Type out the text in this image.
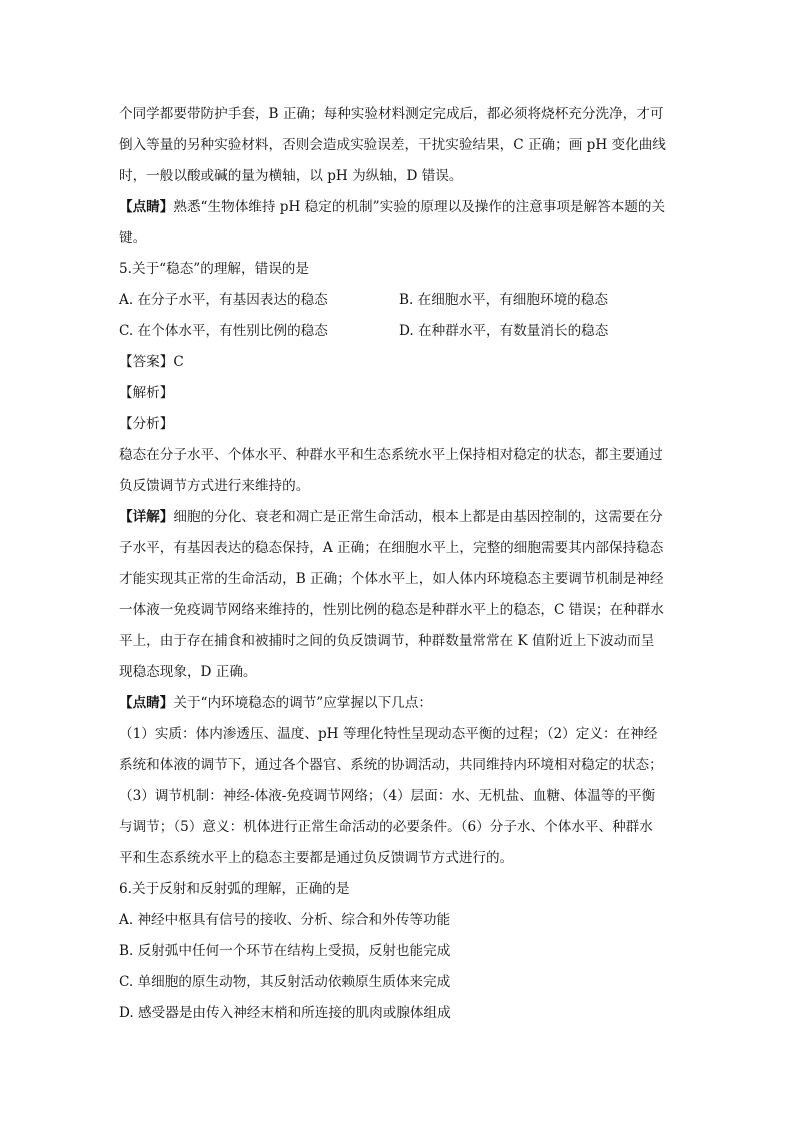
个同学都要带防护手套，B 正确；每种实验材料测定完成后，都必须将烧杯充分洗净，才可

倒入等量的另种实验材料，否则会造成实验误差，干扰实验结果，C 正确；画 pH 变化曲线

时，一般以酸或碱的量为横轴，以 pH 为纵轴，D 错误。

【点睛】熟悉“生物体维持 pH 稳定的机制”实验的原理以及操作的注意事项是解答本题的关

键。

5.关于“稳态”的理解，错误的是

A. 在分子水平，有基因表达的稳态	B. 在细胞水平，有细胞环境的稳态
C. 在个体水平，有性别比例的稳态	D. 在种群水平，有数量消长的稳态

【答案】C

【解析】

【分析】

稳态在分子水平、个体水平、种群水平和生态系统水平上保持相对稳定的状态，都主要通过

负反馈调节方式进行来维持的。

【详解】细胞的分化、衰老和凋亡是正常生命活动，根本上都是由基因控制的，这需要在分

子水平，有基因表达的稳态保持，A 正确；在细胞水平上，完整的细胞需要其内部保持稳态

才能实现其正常的生命活动，B 正确；个体水平上，如人体内环境稳态主要调节机制是神经

一体液一免疫调节网络来维持的，性别比例的稳态是种群水平上的稳态，C 错误；在种群水

平上，由于存在捕食和被捕时之间的负反馈调节，种群数量常常在 K 值附近上下波动而呈

现稳态现象，D 正确。

【点睛】关于“内环境稳态的调节”应掌握以下几点：

（1）实质：体内渗透压、温度、pH 等理化特性呈现动态平衡的过程；（2）定义：在神经

系统和体液的调节下，通过各个器官、系统的协调活动，共同维持内环境相对稳定的状态；

（3）调节机制：神经-体液-免疫调节网络；（4）层面：水、无机盐、血糖、体温等的平衡

与调节；（5）意义：机体进行正常生命活动的必要条件。（6）分子水、个体水平、种群水

平和生态系统水平上的稳态主要都是通过负反馈调节方式进行的。

6.关于反射和反射弧的理解，正确的是

A. 神经中枢具有信号的接收、分析、综合和外传等功能

B. 反射弧中任何一个环节在结构上受损，反射也能完成

C. 单细胞的原生动物，其反射活动依赖原生质体来完成

D. 感受器是由传入神经末梢和所连接的肌肉或腺体组成
